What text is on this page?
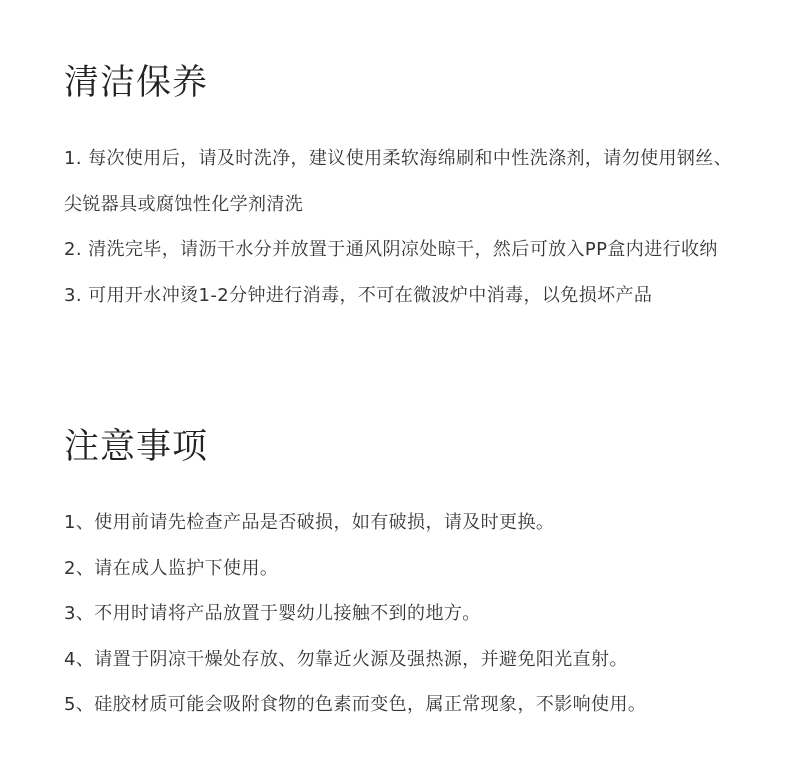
清洁保养

1. 每次使用后，请及时洗净，建议使用柔软海绵刷和中性洗涤剂，请勿使用钢丝、尖锐器具或腐蚀性化学剂清洗

2. 清洗完毕，请沥干水分并放置于通风阴凉处晾干，然后可放入PP盒内进行收纳

3. 可用开水冲烫1-2分钟进行消毒，不可在微波炉中消毒，以免损坏产品

注意事项

1、使用前请先检查产品是否破损，如有破损，请及时更换。

2、请在成人监护下使用。

3、不用时请将产品放置于婴幼儿接触不到的地方。

4、请置于阴凉干燥处存放、勿靠近火源及强热源，并避免阳光直射。

5、硅胶材质可能会吸附食物的色素而变色，属正常现象，不影响使用。
